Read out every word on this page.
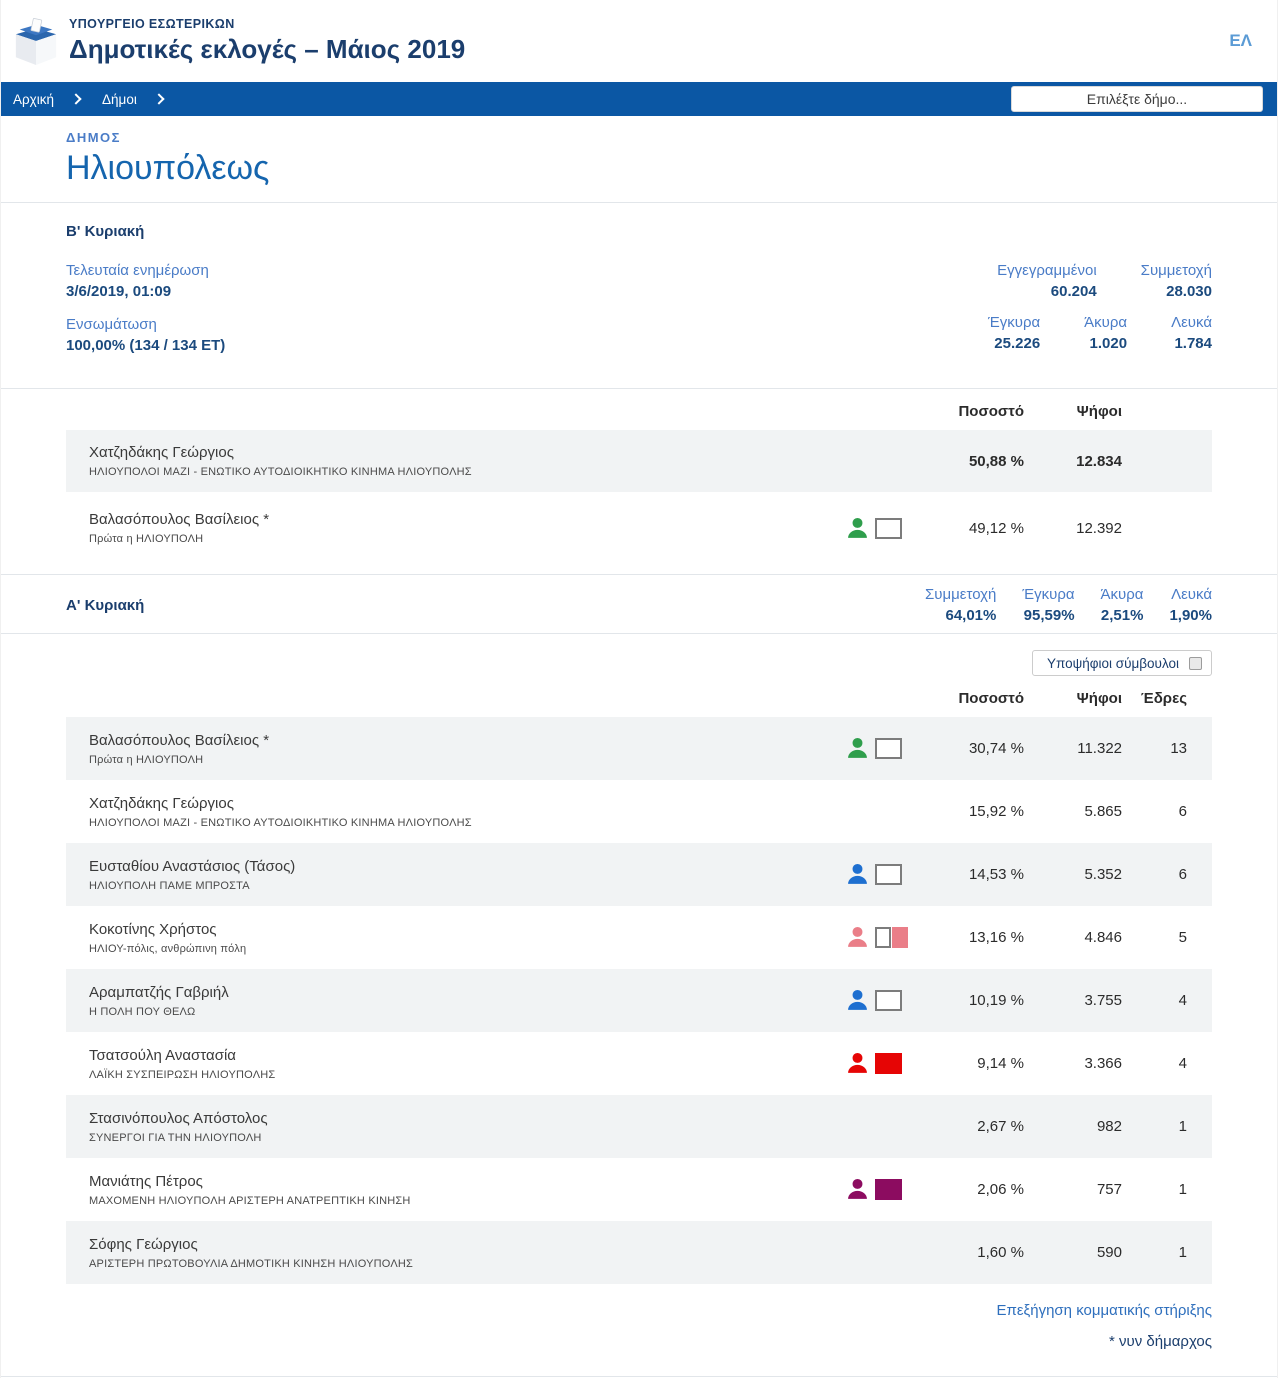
ΥΠΟΥΡΓΕΙΟ ΕΣΩΤΕΡΙΚΩΝ
Δημοτικές εκλογές – Μάιος 2019	ΕΛ
Αρχική	Δήμοι
Επιλέξτε δήμο...
ΔΗΜΟΣ
Ηλιουπόλεως
Β' Κυριακή
Τελευταία ενημέρωση
3/6/2019, 01:09
Ενσωμάτωση
100,00% (134 / 134 ΕΤ)
Εγγεγραμμένοι
60.204
Συμμετοχή
28.030
Έγκυρα
25.226
Άκυρα
1.020
Λευκά
1.784
Ποσοστό	Ψήφοι
Χατζηδάκης Γεώργιος
ΗΛΙΟΥΠΟΛΟΙ ΜΑΖΙ - ΕΝΩΤΙΚΟ ΑΥΤΟΔΙΟΙΚΗΤΙΚΟ ΚΙΝΗΜΑ ΗΛΙΟΥΠΟΛΗΣ
50,88 %	12.834
Βαλασόπουλος Βασίλειος *
Πρώτα η ΗΛΙΟΥΠΟΛΗ
49,12 %	12.392
Α' Κυριακή
Συμμετοχή
64,01%
Έγκυρα
95,59%
Άκυρα
2,51%
Λευκά
1,90%
Υποψήφιοι σύμβουλοι
Ποσοστό	Ψήφοι	Έδρες
Βαλασόπουλος Βασίλειος *
Πρώτα η ΗΛΙΟΥΠΟΛΗ
30,74 %	11.322	13
Χατζηδάκης Γεώργιος
ΗΛΙΟΥΠΟΛΟΙ ΜΑΖΙ - ΕΝΩΤΙΚΟ ΑΥΤΟΔΙΟΙΚΗΤΙΚΟ ΚΙΝΗΜΑ ΗΛΙΟΥΠΟΛΗΣ
15,92 %	5.865	6
Ευσταθίου Αναστάσιος (Τάσος)
ΗΛΙΟΥΠΟΛΗ ΠΑΜΕ ΜΠΡΟΣΤΑ
14,53 %	5.352	6
Κοκοτίνης Χρήστος
ΗΛΙΟΥ-πόλις, ανθρώπινη πόλη
13,16 %	4.846	5
Αραμπατζής Γαβριήλ
Η ΠΟΛΗ ΠΟΥ ΘΕΛΩ
10,19 %	3.755	4
Τσατσούλη Αναστασία
ΛΑΪΚΗ ΣΥΣΠΕΙΡΩΣΗ ΗΛΙΟΥΠΟΛΗΣ
9,14 %	3.366	4
Στασινόπουλος Απόστολος
ΣΥΝΕΡΓΟΙ ΓΙΑ ΤΗΝ ΗΛΙΟΥΠΟΛΗ
2,67 %	982	1
Μανιάτης Πέτρος
ΜΑΧΟΜΕΝΗ ΗΛΙΟΥΠΟΛΗ ΑΡΙΣΤΕΡΗ ΑΝΑΤΡΕΠΤΙΚΗ ΚΙΝΗΣΗ
2,06 %	757	1
Σόφης Γεώργιος
ΑΡΙΣΤΕΡΗ ΠΡΩΤΟΒΟΥΛΙΑ ΔΗΜΟΤΙΚΗ ΚΙΝΗΣΗ ΗΛΙΟΥΠΟΛΗΣ
1,60 %	590	1
Επεξήγηση κομματικής στήριξης
* νυν δήμαρχος
